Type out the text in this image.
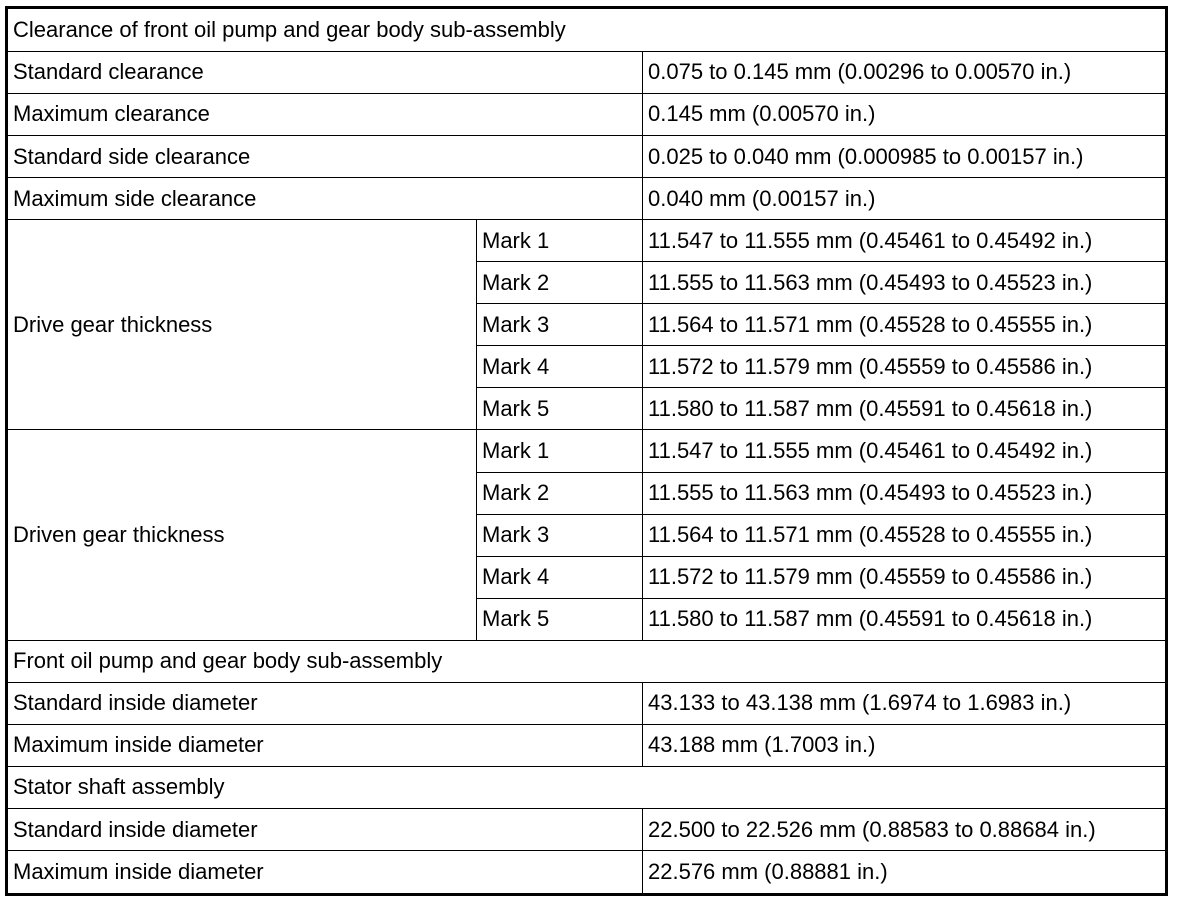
Clearance of front oil pump and gear body sub-assembly		
Standard clearance		0.075 to 0.145 mm (0.00296 to 0.00570 in.)
Maximum clearance		0.145 mm (0.00570 in.)
Standard side clearance		0.025 to 0.040 mm (0.000985 to 0.00157 in.)
Maximum side clearance		0.040 mm (0.00157 in.)
Drive gear thickness	Mark 1	11.547 to 11.555 mm (0.45461 to 0.45492 in.)
	Mark 2	11.555 to 11.563 mm (0.45493 to 0.45523 in.)
	Mark 3	11.564 to 11.571 mm (0.45528 to 0.45555 in.)
	Mark 4	11.572 to 11.579 mm (0.45559 to 0.45586 in.)
	Mark 5	11.580 to 11.587 mm (0.45591 to 0.45618 in.)
Driven gear thickness	Mark 1	11.547 to 11.555 mm (0.45461 to 0.45492 in.)
	Mark 2	11.555 to 11.563 mm (0.45493 to 0.45523 in.)
	Mark 3	11.564 to 11.571 mm (0.45528 to 0.45555 in.)
	Mark 4	11.572 to 11.579 mm (0.45559 to 0.45586 in.)
	Mark 5	11.580 to 11.587 mm (0.45591 to 0.45618 in.)
Front oil pump and gear body sub-assembly		
Standard inside diameter		43.133 to 43.138 mm (1.6974 to 1.6983 in.)
Maximum inside diameter		43.188 mm (1.7003 in.)
Stator shaft assembly		
Standard inside diameter		22.500 to 22.526 mm (0.88583 to 0.88684 in.)
Maximum inside diameter		22.576 mm (0.88881 in.)
